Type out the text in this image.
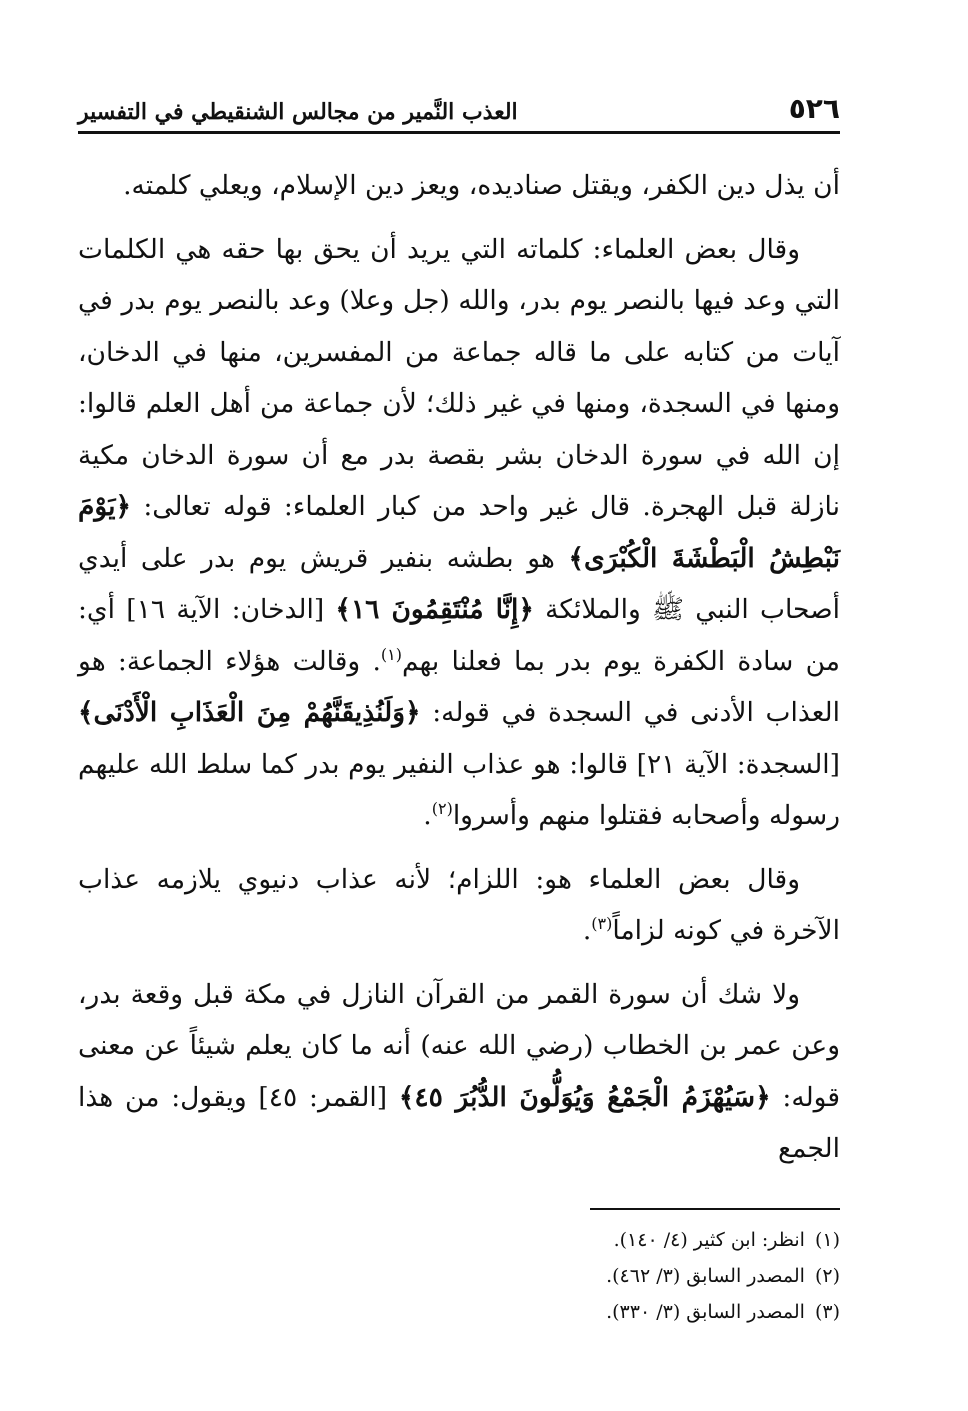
٥٢٦
العذب النَّمير من مجالس الشنقيطي في التفسير

أن يذل دين الكفر، ويقتل صناديده، ويعز دين الإسلام، ويعلي كلمته.

وقال بعض العلماء: كلماته التي يريد أن يحق بها حقه هي الكلمات التي وعد فيها بالنصر يوم بدر، والله (جل وعلا) وعد بالنصر يوم بدر في آيات من كتابه على ما قاله جماعة من المفسرين، منها في الدخان، ومنها في السجدة، ومنها في غير ذلك؛ لأن جماعة من أهل العلم قالوا: إن الله في سورة الدخان بشر بقصة بدر مع أن سورة الدخان مكية نازلة قبل الهجرة. قال غير واحد من كبار العلماء: قوله تعالى: ﴿يَوْمَ نَبْطِشُ الْبَطْشَةَ الْكُبْرَى﴾ هو بطشه بنفير قريش يوم بدر على أيدي أصحاب النبي ﷺ والملائكة ﴿إِنَّا مُنْتَقِمُونَ ١٦﴾ [الدخان: الآية ١٦] أي: من سادة الكفرة يوم بدر بما فعلنا بهم$^{(١)}$. وقالت هؤلاء الجماعة: هو العذاب الأدنى في السجدة في قوله: ﴿وَلَنُذِيقَنَّهُمْ مِنَ الْعَذَابِ الْأَدْنَى﴾ [السجدة: الآية ٢١] قالوا: هو عذاب النفير يوم بدر كما سلط الله عليهم رسوله وأصحابه فقتلوا منهم وأسروا$^{(٢)}$.

وقال بعض العلماء هو: اللزام؛ لأنه عذاب دنيوي يلازمه عذاب الآخرة في كونه لزاماً$^{(٣)}$.

ولا شك أن سورة القمر من القرآن النازل في مكة قبل وقعة بدر، وعن عمر بن الخطاب (رضي الله عنه) أنه ما كان يعلم شيئاً عن معنى قوله: ﴿سَيُهْزَمُ الْجَمْعُ وَيُوَلُّونَ الدُّبُرَ ٤٥﴾ [القمر: ٤٥] ويقول: من هذا الجمع

(١)انظر: ابن كثير (٤/ ١٤٠).
(٢)المصدر السابق (٣/ ٤٦٢).
(٣)المصدر السابق (٣/ ٣٣٠).
